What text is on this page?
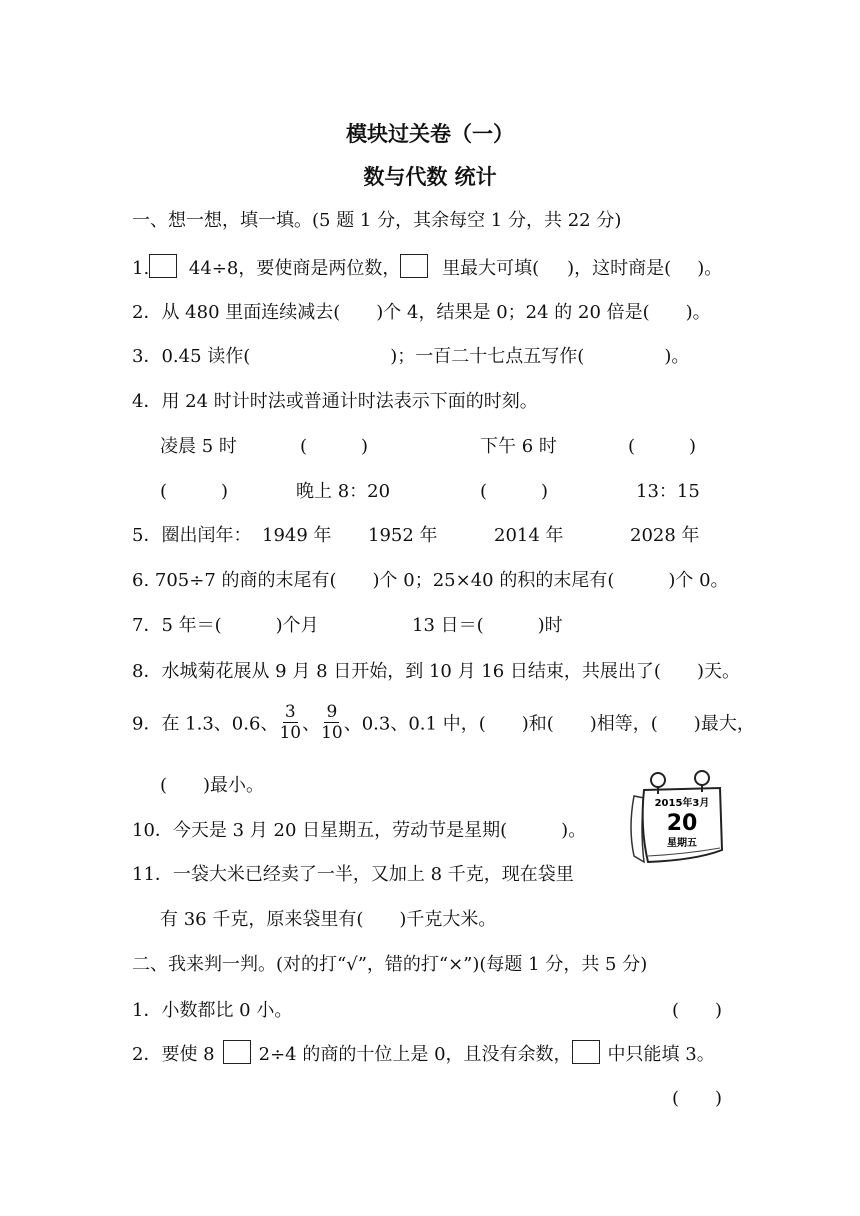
模块过关卷（一）
数与代数 统计
一、想一想，填一填。(5 题 1 分，其余每空 1 分，共 22 分)
1. 44÷8，要使商是两位数， 里最大可填( )，这时商是( )。
2．从 480 里面连续减去(　　)个 4，结果是 0；24 的 20 倍是(　　)。
3．0.45 读作(	)；一百二十七点五写作(	)。
4．用 24 时计时法或普通计时法表示下面的时刻。
凌晨 5 时	(　　　)	下午 6 时	(　　　)
(　　　)	晚上 8：20	(　　　)	13：15
5．圈出闰年： 1949 年 1952 年	2014 年	2028 年
6. 705÷7 的商的末尾有(　　)个 0；25×40 的积的末尾有(　　　)个 0。
7．5 年＝(　　　)个月	13 日＝(　　　)时
8．水城菊花展从 9 月 8 日开始，到 10 月 16 日结束，共展出了(　　)天。
9．在 1.3、0.6、 $\frac{3}{10}$ 、 $\frac{9}{10}$ 、0.3、0.1 中，(　　)和(　　)相等，(　　)最大，
(　　)最小。
2015年3月
20
星期五
10．今天是 3 月 20 日星期五，劳动节是星期(　　　)。
11．一袋大米已经卖了一半，又加上 8 千克，现在袋里
有 36 千克，原来袋里有(　　)千克大米。
二、我来判一判。(对的打“√”，错的打“×”)(每题 1 分，共 5 分)
1．小数都比 0 小。	(　　)
2．要使 8 2÷4 的商的十位上是 0，且没有余数， 中只能填 3。
(　　)
